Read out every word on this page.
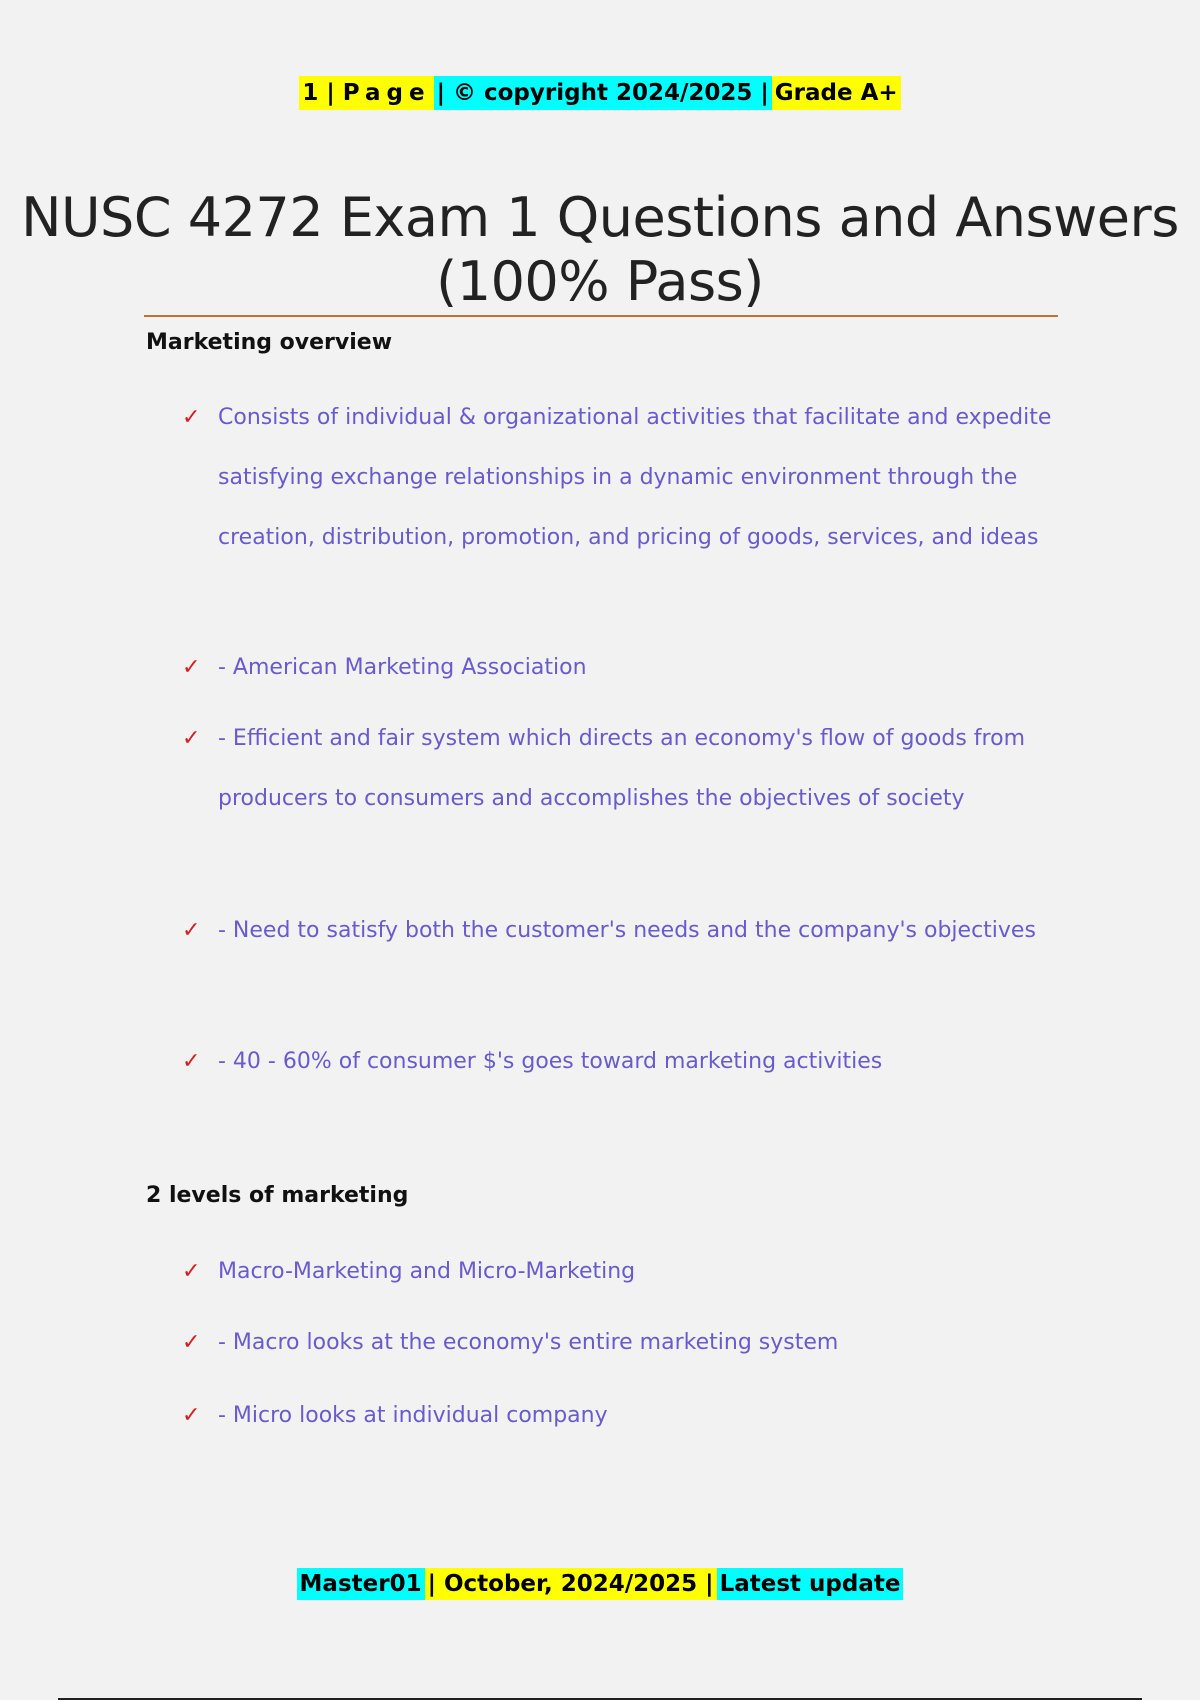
1 | Page| © copyright 2024/2025 |Grade A+
NUSC 4272 Exam 1 Questions and Answers (100% Pass)
Marketing overview
✓ Consists of individual & organizational activities that facilitate and expedite satisfying exchange relationships in a dynamic environment through the creation, distribution, promotion, and pricing of goods, services, and ideas
✓ - American Marketing Association
✓ - Efficient and fair system which directs an economy's flow of goods from producers to consumers and accomplishes the objectives of society
✓ - Need to satisfy both the customer's needs and the company's objectives
✓ - 40 - 60% of consumer $'s goes toward marketing activities
2 levels of marketing
✓ Macro-Marketing and Micro-Marketing
✓ - Macro looks at the economy's entire marketing system
✓ - Micro looks at individual company
Master01| October, 2024/2025 |Latest update
